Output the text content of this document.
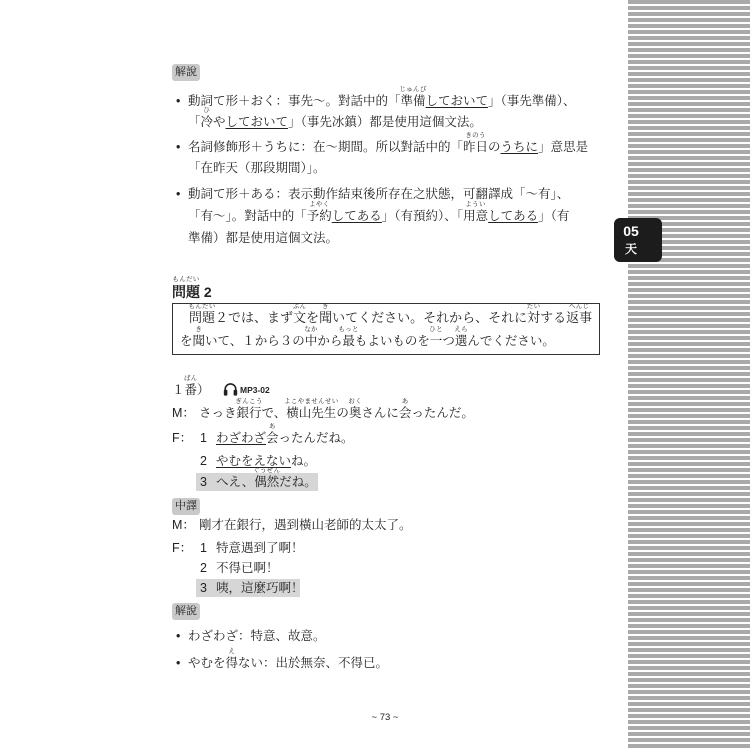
05
天
解說
• 動詞て形＋おく：事先～。對話中的「準備
じゅんび
しておいて」（事先準備）、
「冷
ひ
やしておいて」（事先冰鎮）都是使用這個文法。
• 名詞修飾形＋うちに：在～期間。所以對話中的「昨日
きのう
のうちに」意思是
「在昨天（那段期間）」。
• 動詞て形＋ある：表示動作結束後所存在之狀態，可翻譯成「～有」、
「有～」。對話中的「予約
よやく
してある」（有預約）、「用意
ようい
してある」（有
準備）都是使用這個文法。
問題
もんだい
2
問題
もんだい
２では、まず文
ぶん
を聞
き
いてください。それから、それに対
たい
する返事
へんじ
を聞
き
いて、１から３の中
なか
から最
もっと
もよいものを一
ひと
つ選
えら
んでください。
１番
ばん
）	MP3-02
M： さっき銀行
ぎんこう
で、横山先生
よこやませんせい
の奥
おく
さんに会
あ
ったんだ。
F： 1 わざわざ会
あ
ったんだね。
2 やむをえないね。
3 へえ、偶然
ぐうぜん
だね。
中譯
M： 剛才在銀行，遇到橫山老師的太太了。
F： 1 特意遇到了啊！
2 不得已啊！
3 咦，這麼巧啊！
解說
• わざわざ：特意、故意。
• やむを得
え
ない：出於無奈、不得已。
~ 73 ~
